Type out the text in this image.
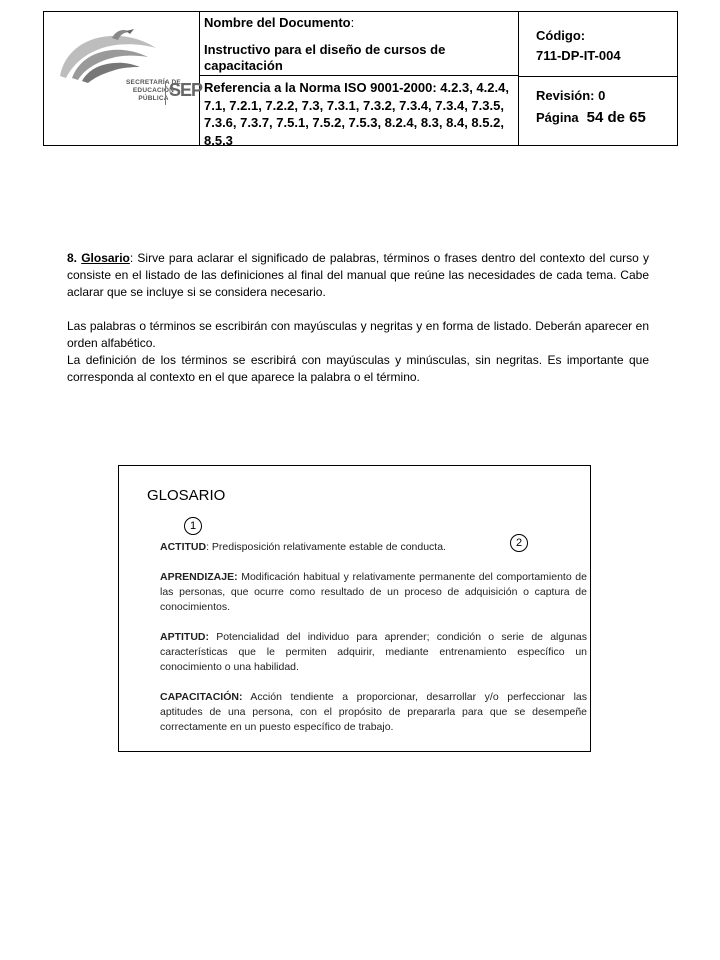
SECRETARÍA DE
EDUCACIÓN
PÚBLICA SEP
Nombre del Documento:
Instructivo para el diseño de cursos de capacitación
Referencia a la Norma ISO 9001-2000: 4.2.3, 4.2.4, 7.1, 7.2.1, 7.2.2, 7.3, 7.3.1, 7.3.2, 7.3.4, 7.3.4, 7.3.5, 7.3.6, 7.3.7, 7.5.1, 7.5.2, 7.5.3, 8.2.4, 8.3, 8.4, 8.5.2, 8.5.3
Código:
711-DP-IT-004
Revisión: 0
Página 54 de 65

8. Glosario: Sirve para aclarar el significado de palabras, términos o frases dentro del contexto del curso y consiste en el listado de las definiciones al final del manual que reúne las necesidades de cada tema. Cabe aclarar que se incluye si se considera necesario.

Las palabras o términos se escribirán con mayúsculas y negritas y en forma de listado. Deberán aparecer en orden alfabético.

La definición de los términos se escribirá con mayúsculas y minúsculas, sin negritas. Es importante que corresponda al contexto en el que aparece la palabra o el término.

GLOSARIO
1
2

ACTITUD: Predisposición relativamente estable de conducta.

APRENDIZAJE: Modificación habitual y relativamente permanente del comportamiento de las personas, que ocurre como resultado de un proceso de adquisición o captura de conocimientos.

APTITUD: Potencialidad del individuo para aprender; condición o serie de algunas características que le permiten adquirir, mediante entrenamiento específico un conocimiento o una habilidad.

CAPACITACIÓN: Acción tendiente a proporcionar, desarrollar y/o perfeccionar las aptitudes de una persona, con el propósito de prepararla para que se desempeñe correctamente en un puesto específico de trabajo.
